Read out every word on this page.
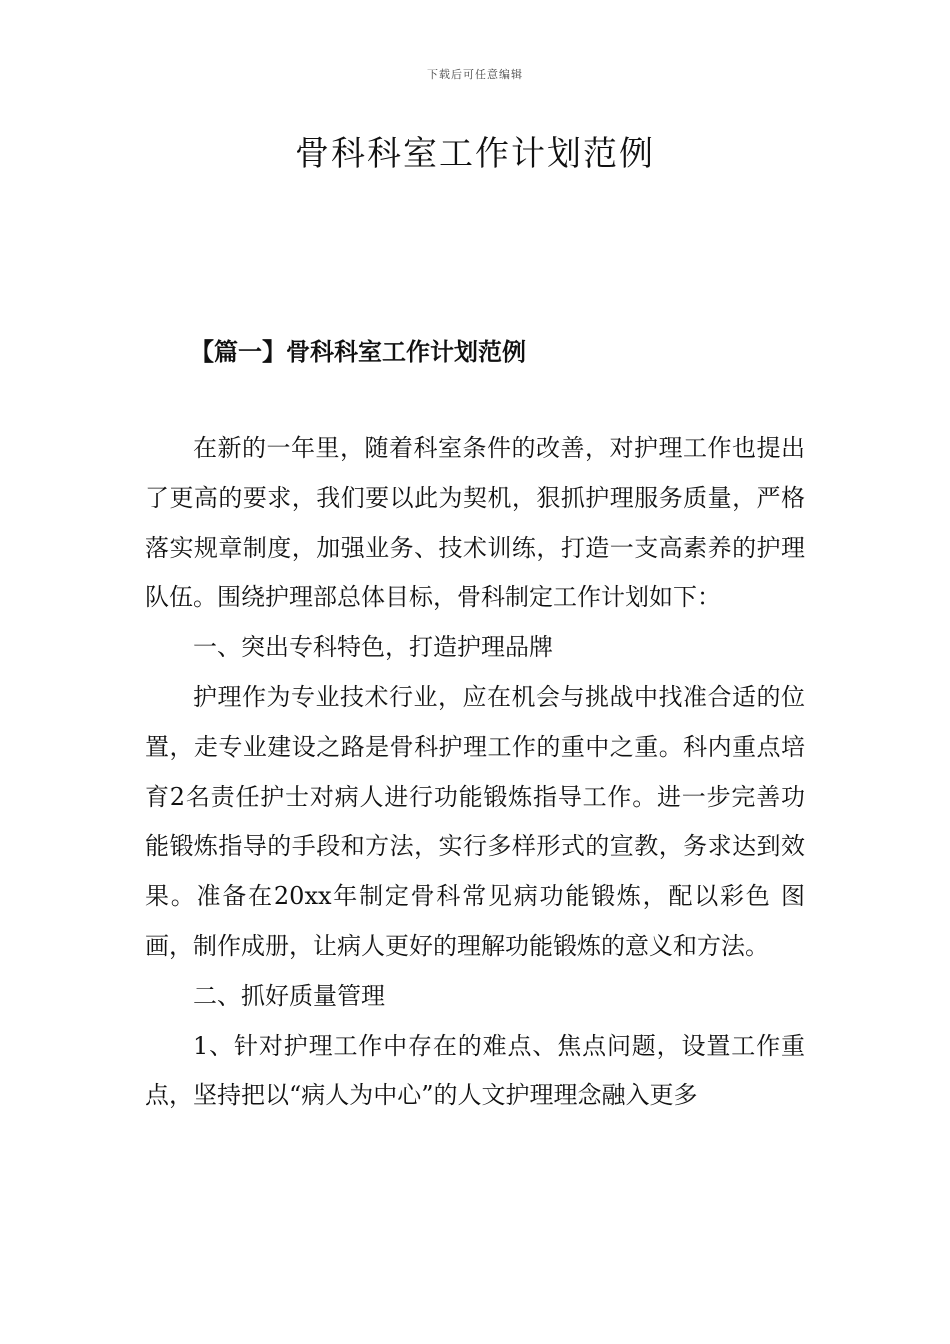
下载后可任意编辑
骨科科室工作计划范例
【篇一】骨科科室工作计划范例

在新的一年里，随着科室条件的改善，对护理工作也提出了更高的要求，我们要以此为契机，狠抓护理服务质量，严格落实规章制度，加强业务、技术训练，打造一支高素养的护理队伍。围绕护理部总体目标，骨科制定工作计划如下：

一、突出专科特色，打造护理品牌

护理作为专业技术行业，应在机会与挑战中找准合适的位置，走专业建设之路是骨科护理工作的重中之重。科内重点培育2名责任护士对病人进行功能锻炼指导工作。进一步完善功能锻炼指导的手段和方法，实行多样形式的宣教，务求达到效果。准备在20xx年制定骨科常见病功能锻炼，配以彩色 图画，制作成册，让病人更好的理解功能锻炼的意义和方法。

二、抓好质量管理

1、针对护理工作中存在的难点、焦点问题，设置工作重点，坚持把以“病人为中心”的人文护理理念融入更多
